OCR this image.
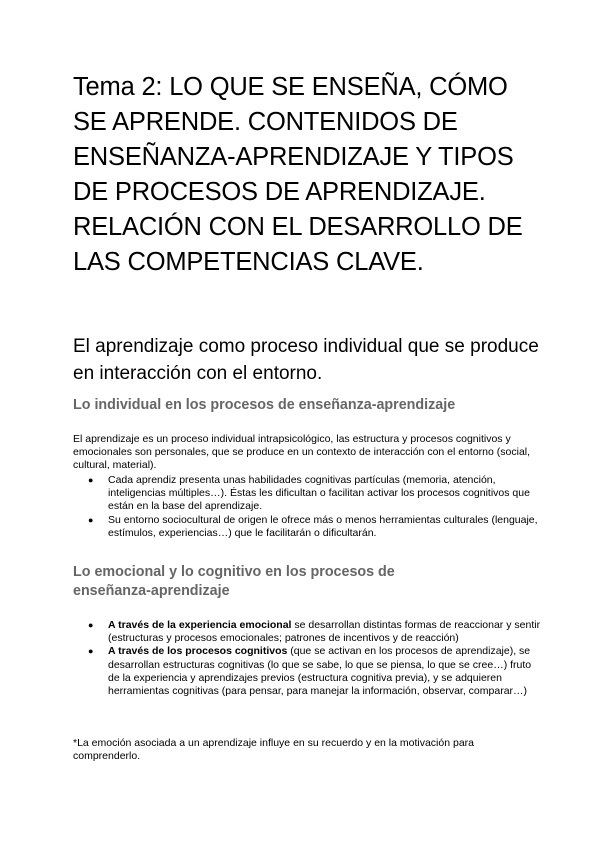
Tema 2: LO QUE SE ENSEÑA, CÓMO SE APRENDE. CONTENIDOS DE ENSEÑANZA-APRENDIZAJE Y TIPOS DE PROCESOS DE APRENDIZAJE. RELACIÓN CON EL DESARROLLO DE LAS COMPETENCIAS CLAVE.
El aprendizaje como proceso individual que se produce en interacción con el entorno.
Lo individual en los procesos de enseñanza-aprendizaje

El aprendizaje es un proceso individual intrapsicológico, las estructura y procesos cognitivos y emocionales son personales, que se produce en un contexto de interacción con el entorno (social, cultural, material).

● Cada aprendiz presenta unas habilidades cognitivas partículas (memoria, atención, inteligencias múltiples…). Éstas les dificultan o facilitan activar los procesos cognitivos que están en la base del aprendizaje.
● Su entorno sociocultural de origen le ofrece más o menos herramientas culturales (lenguaje, estímulos, experiencias…) que le facilitarán o dificultarán.
Lo emocional y lo cognitivo en los procesos de enseñanza-aprendizaje
● A través de la experiencia emocional se desarrollan distintas formas de reaccionar y sentir (estructuras y procesos emocionales; patrones de incentivos y de reacción)
● A través de los procesos cognitivos (que se activan en los procesos de aprendizaje), se desarrollan estructuras cognitivas (lo que se sabe, lo que se piensa, lo que se cree…) fruto de la experiencia y aprendizajes previos (estructura cognitiva previa), y se adquieren herramientas cognitivas (para pensar, para manejar la información, observar, comparar…)

*La emoción asociada a un aprendizaje influye en su recuerdo y en la motivación para comprenderlo.
